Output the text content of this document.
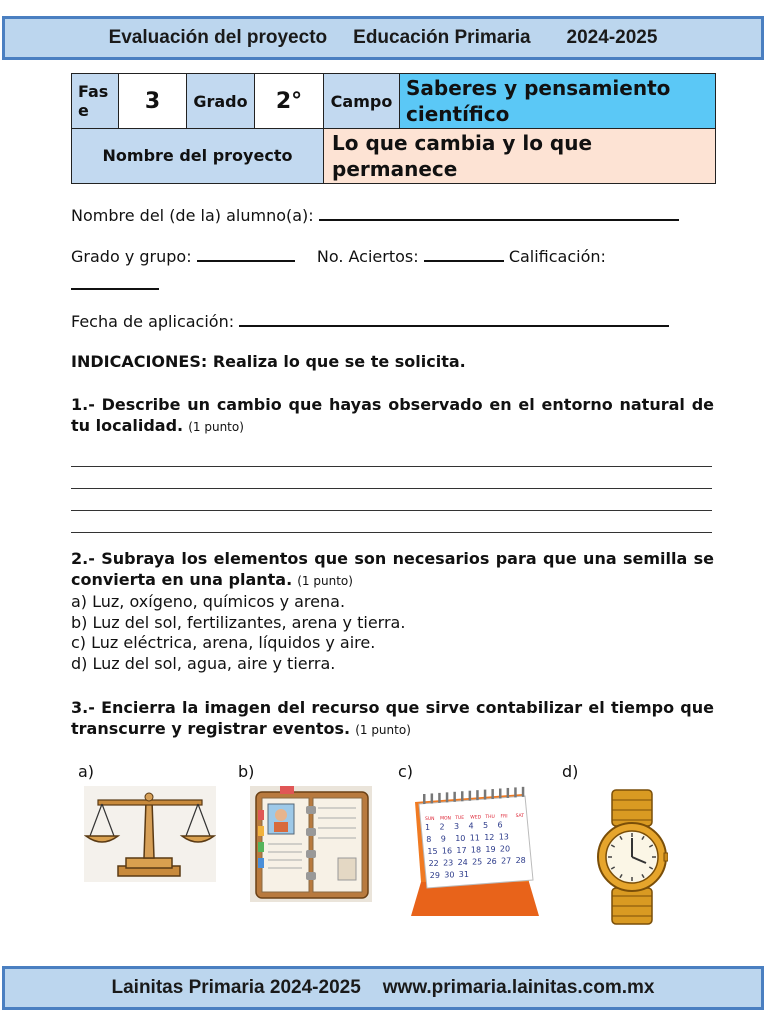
Evaluación del proyecto Educación Primaria 2024-2025
Fase	3	Grado	2°	Campo	Saberes y pensamiento científico
Nombre del proyecto				Lo que cambia y lo que permanece	
Nombre del (de la) alumno(a):
Grado y grupo:	No. Aciertos:	Calificación:
Fecha de aplicación:
INDICACIONES: Realiza lo que se te solicita.
1.- Describe un cambio que hayas observado en el entorno natural de tu localidad. (1 punto)
2.- Subraya los elementos que son necesarios para que una semilla se convierta en una planta. (1 punto)
a) Luz, oxígeno, químicos y arena.
b) Luz del sol, fertilizantes, arena y tierra.
c) Luz eléctrica, arena, líquidos y aire.
d) Luz del sol, agua, aire y tierra.
3.- Encierra la imagen del recurso que sirve contabilizar el tiempo que transcurre y registrar eventos. (1 punto)
a)	b)	c)	d)
SUN MON TUE WED THU FRI SAT
1 2 3 4 5 6
8 9 10 11 12 13
15 16 17 18 19 20
22 23 24 25 26 27 28
29 30 31
Lainitas Primaria 2024-2025 www.primaria.lainitas.com.mx
